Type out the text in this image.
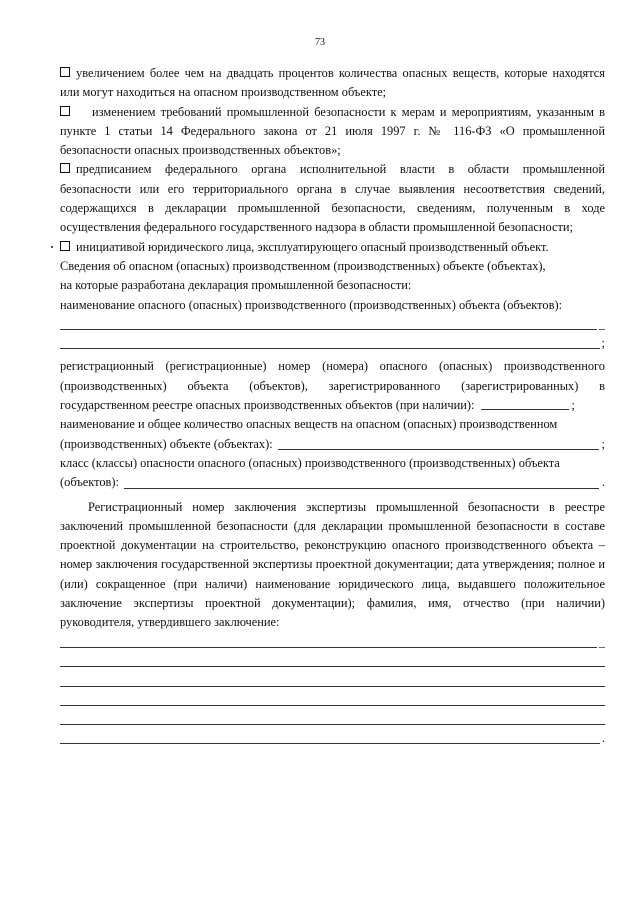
73

увеличением более чем на двадцать процентов количества опасных веществ, которые находятся или могут находиться на опасном производственном объекте;

изменением требований промышленной безопасности к мерам и мероприятиям, указанным в пункте 1 статьи 14 Федерального закона от 21 июля 1997 г. № 116-ФЗ «О промышленной безопасности опасных производственных объектов»;

предписанием федерального органа исполнительной власти в области промышленной безопасности или его территориального органа в случае выявления несоответствия сведений, содержащихся в декларации промышленной безопасности, сведениям, полученным в ходе осуществления федерального государственного надзора в области промышленной безопасности;

инициативой юридического лица, эксплуатирующего опасный производственный объект.

Сведения об опасном (опасных) производственном (производственных) объекте (объектах),

на которые разработана декларация промышленной безопасности:

наименование опасного (опасных) производственного (производственных) объекта (объектов):

_
;

регистрационный (регистрационные) номер (номера) опасного (опасных) производственного (производственных) объекта (объектов), зарегистрированного (зарегистрированных) в государственном реестре опасных производственных объектов (при наличии):	;

наименование и общее количество опасных веществ на опасном (опасных) производственном

(производственных) объекте (объектах):	;

класс (классы) опасности опасного (опасных) производственного (производственных) объекта

(объектов):	.

Регистрационный номер заключения экспертизы промышленной безопасности в реестре заключений промышленной безопасности (для декларации промышленной безопасности в составе проектной документации на строительство, реконструкцию опасного производственного объекта – номер заключения государственной экспертизы проектной документации; дата утверждения; полное и (или) сокращенное (при наличи) наименование юридического лица, выдавшего положительное заключение экспертизы проектной документации); фамилия, имя, отчество (при наличии) руководителя, утвердившего заключение:

_
.
